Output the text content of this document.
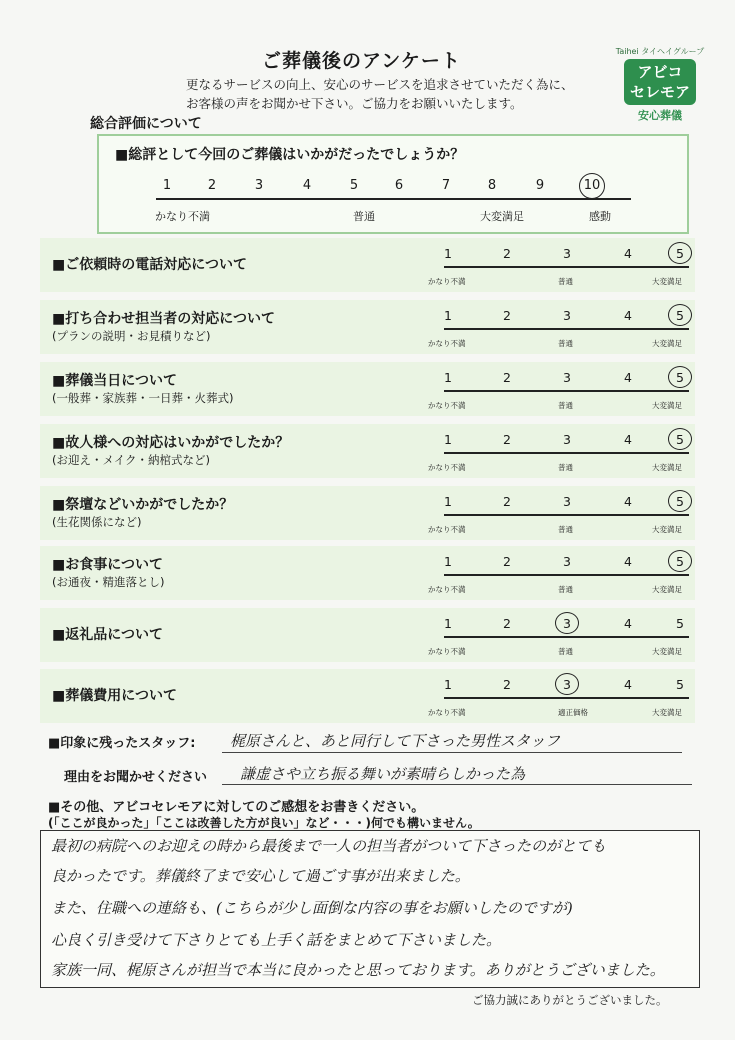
ご葬儀後のアンケート
更なるサービスの向上、安心のサービスを追求させていただく為に、
お客様の声をお聞かせ下さい。ご協力をお願いいたします。
Taihei タイヘイグループ
アビコ
セレモア
安心葬儀
総合評価について
■総評として今回のご葬儀はいかがだったでしょうか？
1	2	3	4	5	6	7	8	9	10
かなり不満	普通	大変満足	感動
■ご依頼時の電話対応について
1	2	3	4	5
かなり不満	普通	大変満足
■打ち合わせ担当者の対応について
(プランの説明・お見積りなど)
1	2	3	4	5
かなり不満	普通	大変満足
■葬儀当日について
(一般葬・家族葬・一日葬・火葬式)
1	2	3	4	5
かなり不満	普通	大変満足
■故人様への対応はいかがでしたか？
(お迎え・メイク・納棺式など)
1	2	3	4	5
かなり不満	普通	大変満足
■祭壇などいかがでしたか？
(生花関係になど)
1	2	3	4	5
かなり不満	普通	大変満足
■お食事について
(お通夜・精進落とし)
1	2	3	4	5
かなり不満	普通	大変満足
■返礼品について
1	2	3	4	5
かなり不満	普通	大変満足
■葬儀費用について
1	2	3	4	5
かなり不満	適正価格	大変満足
■印象に残ったスタッフ: 梶原さんと、あと同行して下さった男性スタッフ
理由をお聞かせください 謙虚さや立ち振る舞いが素晴らしかった為
■その他、アビコセレモアに対してのご感想をお書きください。
(「ここが良かった」「ここは改善した方が良い」など・・・)何でも構いません。
最初の病院へのお迎えの時から最後まで一人の担当者がついて下さったのがとても
良かったです。葬儀終了まで安心して過ごす事が出来ました。
また、住職への連絡も、(こちらが少し面倒な内容の事をお願いしたのですが)
心良く引き受けて下さりとても上手く話をまとめて下さいました。
家族一同、梶原さんが担当で本当に良かったと思っております。ありがとうございました。
ご協力誠にありがとうございました。
